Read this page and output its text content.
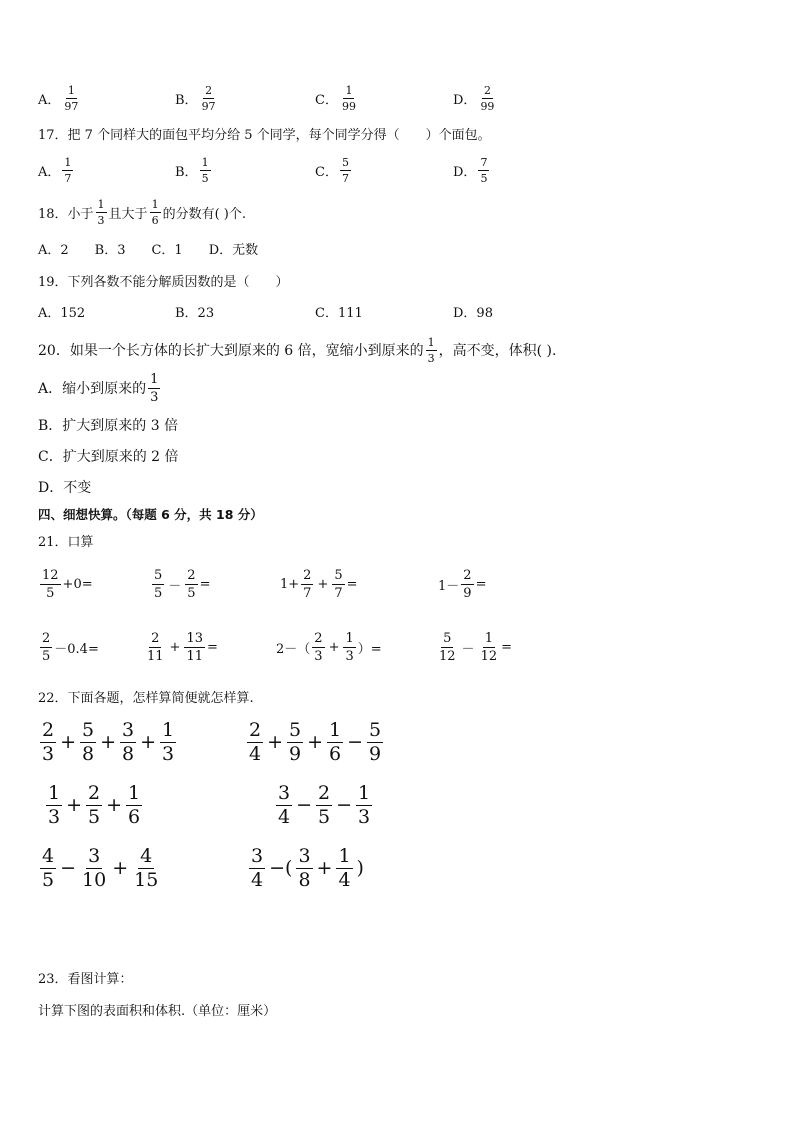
A． $\frac{1}{97}$	B． $\frac{2}{97}$	C． $\frac{1}{99}$	D． $\frac{2}{99}$
17．把 7 个同样大的面包平均分给 5 个同学，每个同学分得（　　）个面包。
A． $\frac{1}{7}$	B． $\frac{1}{5}$	C． $\frac{5}{7}$	D． $\frac{7}{5}$
18．小于 $\frac{1}{3}$ 且大于 $\frac{1}{6}$ 的分数有( )个.
A．2　　B．3　　C．1　　D．无数
19．下列各数不能分解质因数的是（　　）
A．152	B．23	C．111	D．98
20．如果一个长方体的长扩大到原来的 6 倍，宽缩小到原来的 $\frac{1}{3}$ ，高不变，体积( ).
A．缩小到原来的 $\frac{1}{3}$
B．扩大到原来的 3 倍
C．扩大到原来的 2 倍
D．不变
四、细想快算。（每题 6 分，共 18 分）
21．口算
$\frac{12}{5} +0=$	$\frac{5}{5} - \frac{2}{5}$ =	$1+ \frac{2}{7} + \frac{5}{7}$ =	$1- \frac{2}{9}$ =
$\frac{2}{5} -0.4=$	$\frac{2}{11} + \frac{13}{11}$ =	$2-( \frac{2}{3} + \frac{1}{3}$ ）=	$\frac{5}{12} - \frac{1}{12}$ =
22．下面各题，怎样算简便就怎样算.
$\frac{2}{3} + \frac{5}{8} + \frac{3}{8} + \frac{1}{3}$	$\frac{2}{4} + \frac{5}{9} + \frac{1}{6} - \frac{5}{9}$
$\frac{1}{3} + \frac{2}{5} + \frac{1}{6}$	$\frac{3}{4} - \frac{2}{5} - \frac{1}{3}$
$\frac{4}{5} - \frac{3}{10} + \frac{4}{15}$	$\frac{3}{4}$ −( $\frac{3}{8} + \frac{1}{4}$ )
23．看图计算：
计算下图的表面积和体积.（单位：厘米）
